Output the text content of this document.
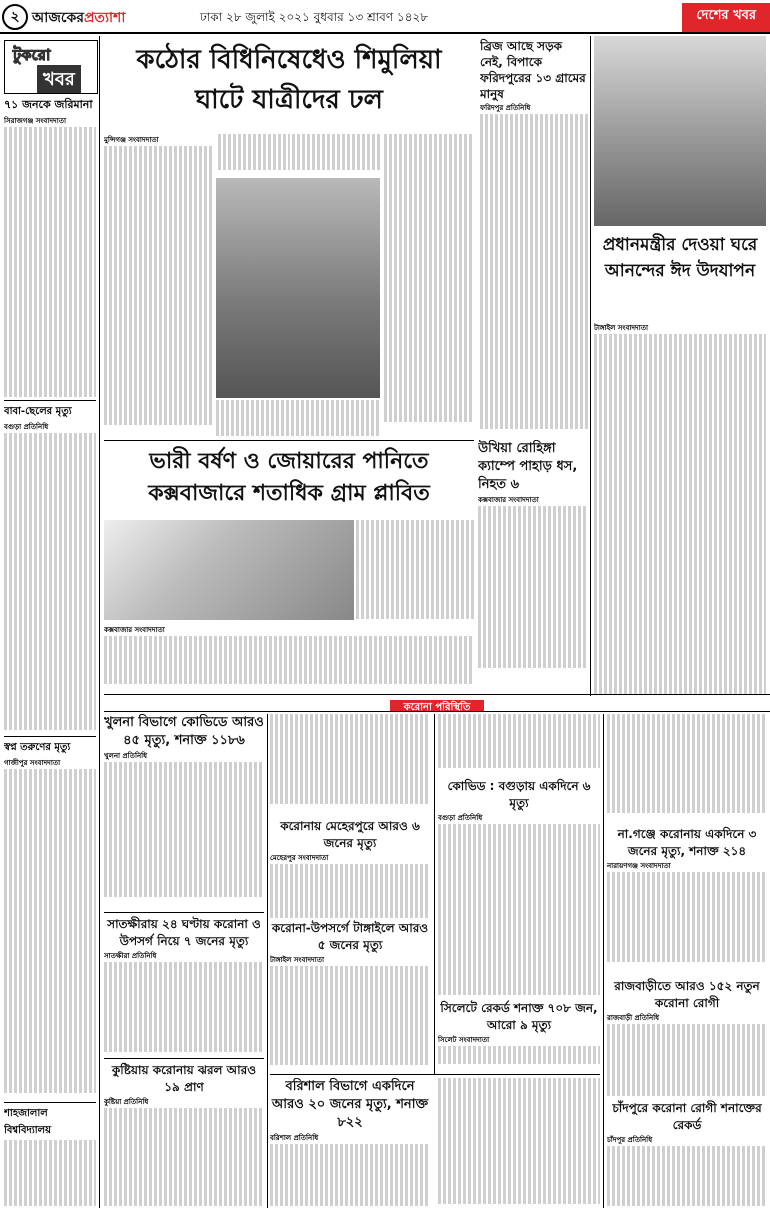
২ আজকেরপ্রত্যাশা	ঢাকা ২৮ জুলাই ২০২১ বুধবার ১৩ শ্রাবণ ১৪২৮	দেশের খবর
টুকরো
খবর
৭১ জনকে জরিমানা
সিরাজগঞ্জ সংবাদদাতা
বাবা-ছেলের মৃত্যু
বগুড়া প্রতিনিধি
স্বপ্ন তরুণের মৃত্যু
গাজীপুর সংবাদদাতা
শাহজালাল বিশ্ববিদ্যালয়
কঠোর বিধিনিষেধেও শিমুলিয়া
ঘাটে যাত্রীদের ঢল
মুন্সিগঞ্জ সংবাদদাতা
ভারী বর্ষণ ও জোয়ারের পানিতে
কক্সবাজারে শতাধিক গ্রাম প্লাবিত
কক্সবাজার সংবাদদাতা
উখিয়া রোহিঙ্গা ক্যাম্পে পাহাড় ধস, নিহত ৬
কক্সবাজার সংবাদদাতা
ব্রিজ আছে সড়ক নেই, বিপাকে ফরিদপুরের ১৩ গ্রামের মানুষ
ফরিদপুর প্রতিনিধি
প্রধানমন্ত্রীর দেওয়া ঘরে আনন্দের ঈদ উদযাপন
টাঙ্গাইল সংবাদদাতা
করোনা পরিস্থিতি
খুলনা বিভাগে কোভিডে আরও ৪৫ মৃত্যু, শনাক্ত ১১৮৬
খুলনা প্রতিনিধি
সাতক্ষীরায় ২৪ ঘণ্টায় করোনা ও উপসর্গ নিয়ে ৭ জনের মৃত্যু
সাতক্ষীরা প্রতিনিধি
কুষ্টিয়ায় করোনায় ঝরল আরও ১৯ প্রাণ
কুষ্টিয়া প্রতিনিধি
করোনায় মেহেরপুরে আরও ৬ জনের মৃত্যু
মেহেরপুর সংবাদদাতা
করোনা-উপসর্গে টাঙ্গাইলে আরও ৫ জনের মৃত্যু
টাঙ্গাইল সংবাদদাতা
কোভিড : বগুড়ায় একদিনে ৬ মৃত্যু
বগুড়া প্রতিনিধি
সিলেটে রেকর্ড শনাক্ত ৭০৮ জন, আরো ৯ মৃত্যু
সিলেট সংবাদদাতা
বরিশাল বিভাগে একদিনে আরও ২০ জনের মৃত্যু, শনাক্ত ৮২২
বরিশাল প্রতিনিধি
না.গঞ্জে করোনায় একদিনে ৩ জনের মৃত্যু, শনাক্ত ২১৪
নারায়ণগঞ্জ সংবাদদাতা
রাজবাড়ীতে আরও ১৫২ নতুন করোনা রোগী
রাজবাড়ী প্রতিনিধি
চাঁদপুরে করোনা রোগী শনাক্তের রেকর্ড
চাঁদপুর প্রতিনিধি
